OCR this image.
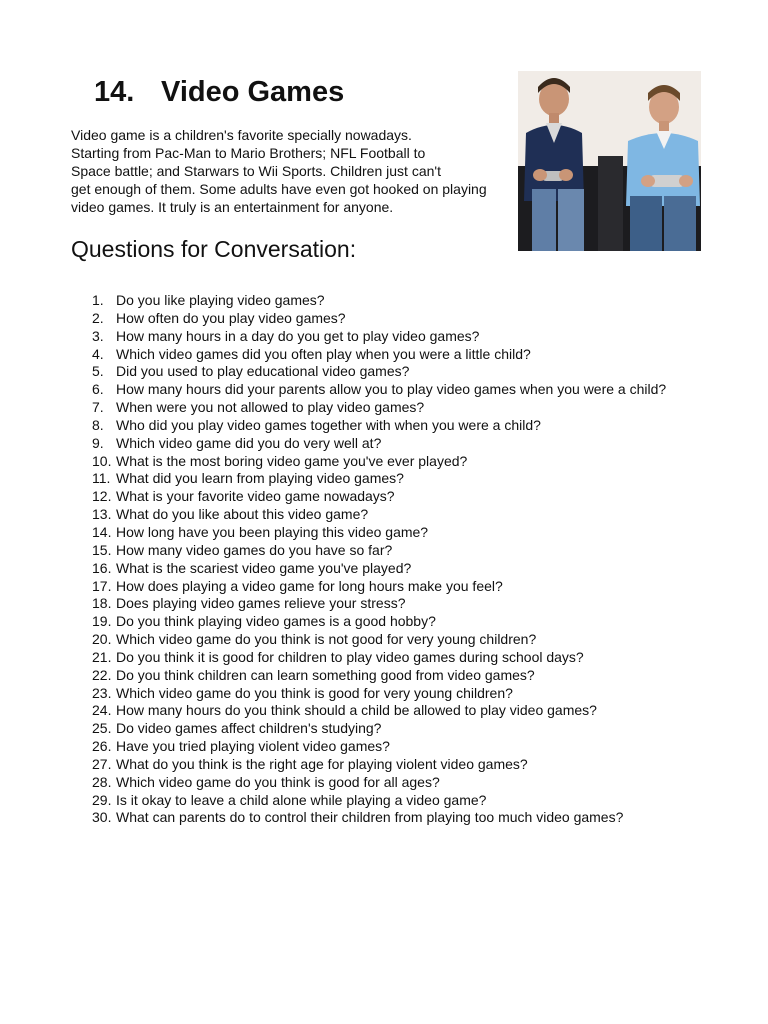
14. Video Games
Video game is a children's favorite specially nowadays.
Starting from Pac-Man to Mario Brothers; NFL Football to
Space battle; and Starwars to Wii Sports. Children just can't
get enough of them. Some adults have even got hooked on playing
video games. It truly is an entertainment for anyone.
Questions for Conversation:
1. Do you like playing video games?
2. How often do you play video games?
3. How many hours in a day do you get to play video games?
4. Which video games did you often play when you were a little child?
5. Did you used to play educational video games?
6. How many hours did your parents allow you to play video games when you were a child?
7. When were you not allowed to play video games?
8. Who did you play video games together with when you were a child?
9. Which video game did you do very well at?
10. What is the most boring video game you've ever played?
11. What did you learn from playing video games?
12. What is your favorite video game nowadays?
13. What do you like about this video game?
14. How long have you been playing this video game?
15. How many video games do you have so far?
16. What is the scariest video game you've played?
17. How does playing a video game for long hours make you feel?
18. Does playing video games relieve your stress?
19. Do you think playing video games is a good hobby?
20. Which video game do you think is not good for very young children?
21. Do you think it is good for children to play video games during school days?
22. Do you think children can learn something good from video games?
23. Which video game do you think is good for very young children?
24. How many hours do you think should a child be allowed to play video games?
25. Do video games affect children's studying?
26. Have you tried playing violent video games?
27. What do you think is the right age for playing violent video games?
28. Which video game do you think is good for all ages?
29. Is it okay to leave a child alone while playing a video game?
30. What can parents do to control their children from playing too much video games?
